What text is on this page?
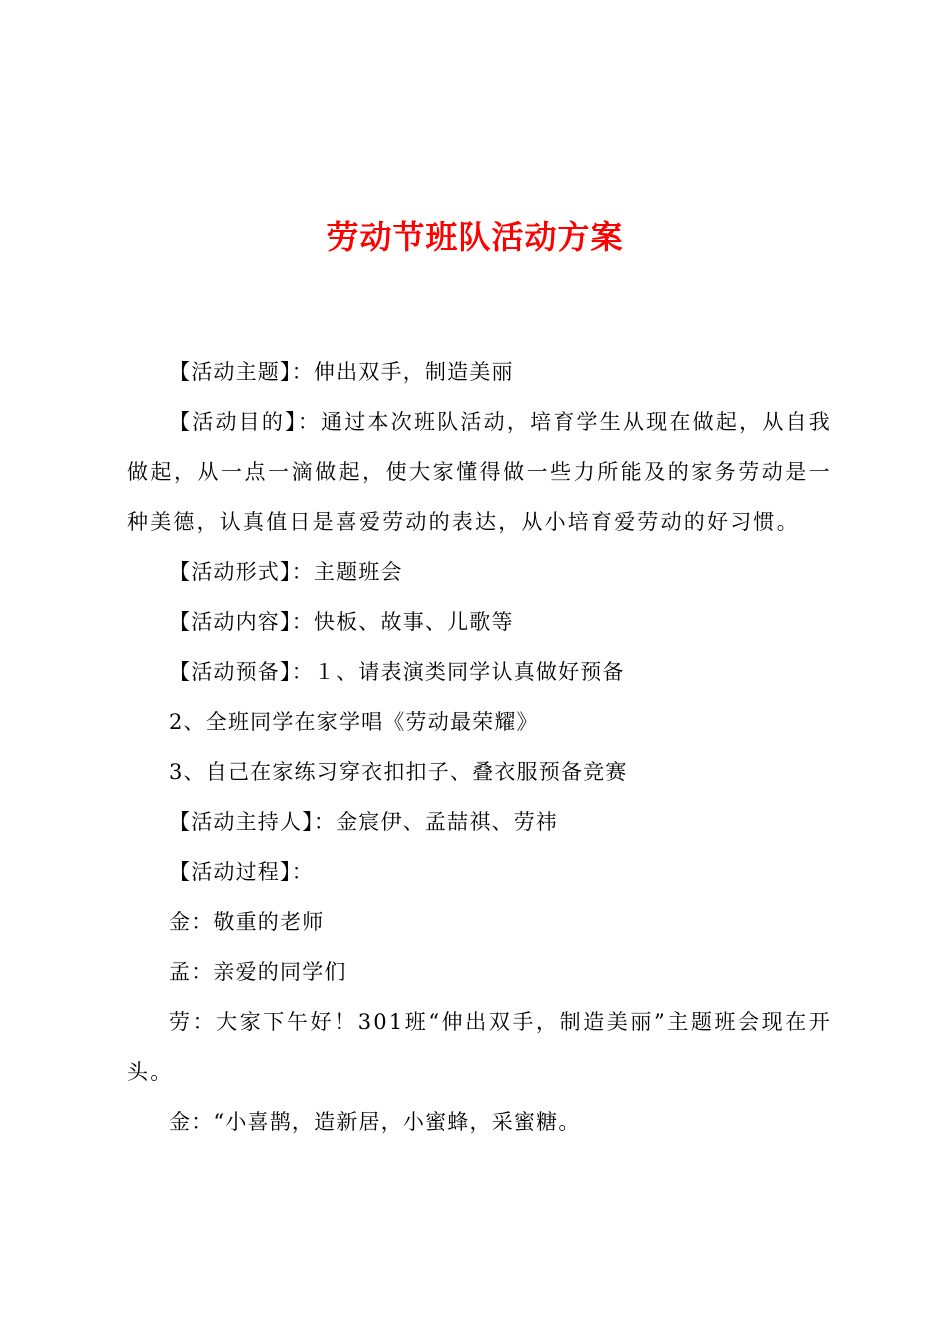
劳动节班队活动方案

【活动主题】：伸出双手，制造美丽

【活动目的】：通过本次班队活动，培育学生从现在做起，从自我做起，从一点一滴做起，使大家懂得做一些力所能及的家务劳动是一种美德，认真值日是喜爱劳动的表达，从小培育爱劳动的好习惯。

【活动形式】：主题班会

【活动内容】：快板、故事、儿歌等

【活动预备】：１、请表演类同学认真做好预备

2、全班同学在家学唱《劳动最荣耀》

3、自己在家练习穿衣扣扣子、叠衣服预备竞赛

【活动主持人】：金宸伊、孟喆祺、劳祎

【活动过程】：

金：敬重的老师

孟：亲爱的同学们

劳：大家下午好！301班“伸出双手，制造美丽”主题班会现在开头。

金：“小喜鹊，造新居，小蜜蜂，采蜜糖。
